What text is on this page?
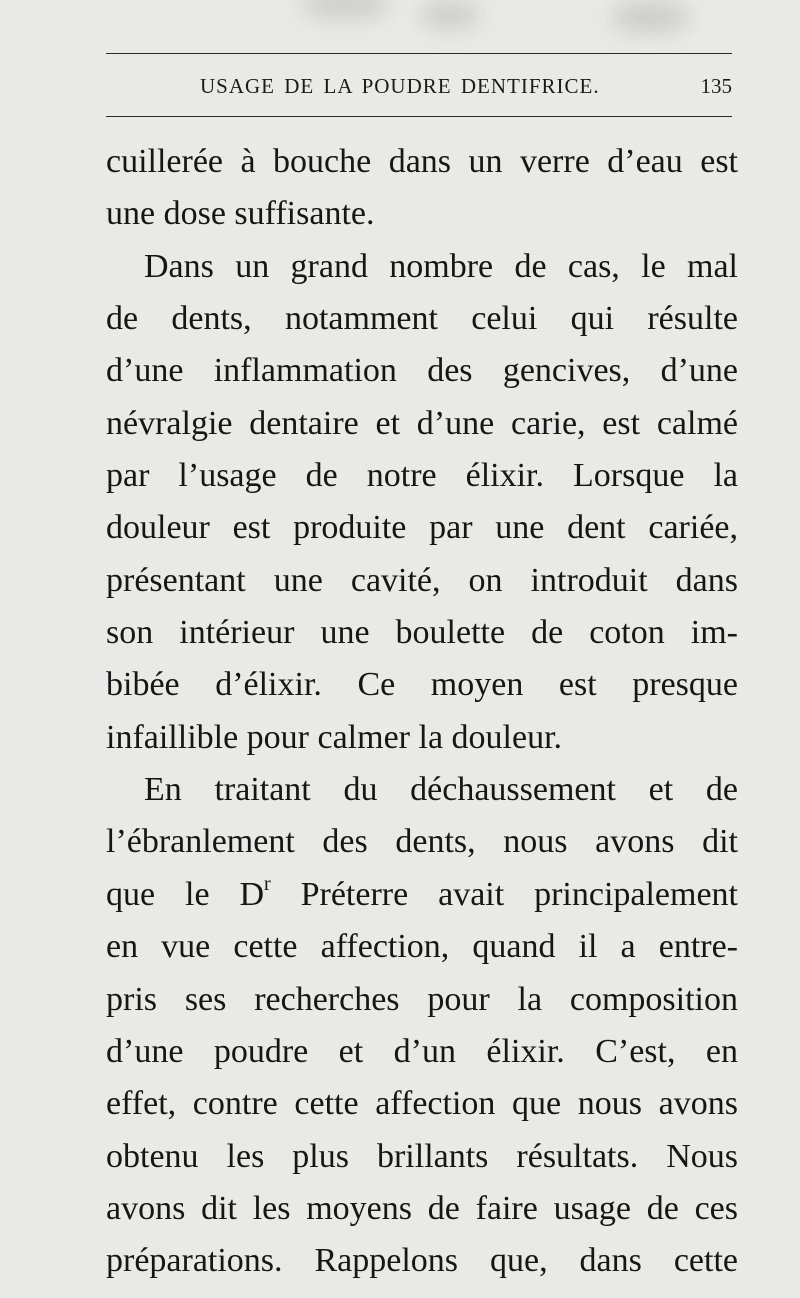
USAGE DE LA POUDRE DENTIFRICE.	135
cuillerée à bouche dans un verre d’eau est
une dose suffisante.
Dans un grand nombre de cas, le mal
de dents, notamment celui qui résulte
d’une inflammation des gencives, d’une
névralgie dentaire et d’une carie, est calmé
par l’usage de notre élixir. Lorsque la
douleur est produite par une dent cariée,
présentant une cavité, on introduit dans
son intérieur une boulette de coton im-
bibée d’élixir. Ce moyen est presque
infaillible pour calmer la douleur.
En traitant du déchaussement et de
l’ébranlement des dents, nous avons dit
que le $D^r$ Préterre avait principalement
en vue cette affection, quand il a entre-
pris ses recherches pour la composition
d’une poudre et d’un élixir. C’est, en
effet, contre cette affection que nous avons
obtenu les plus brillants résultats. Nous
avons dit les moyens de faire usage de ces
préparations. Rappelons que, dans cette
